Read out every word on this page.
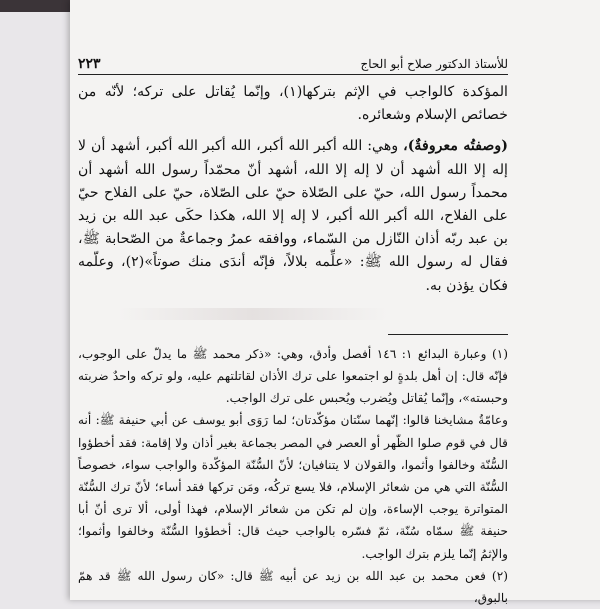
للأستاذ الدكتور صلاح أبو الحاج
٢٢٣

المؤكدة كالواجب في الإثم بتركها(١)، وإنّما يُقاتل على تركه؛ لأنّه من خصائص الإسلام وشعائره.

(وصفتُه معروفةٌ)، وهي: الله أكبر الله أكبر، الله أكبر الله أكبر، أشهد أن لا إله إلا الله أشهد أن لا إله إلا الله، أشهد أنّ محمّداً رسول الله أشهد أن محمداً رسول الله، حيّ على الصّلاة حيّ على الصّلاة، حيّ على الفلاح حيّ على الفلاح، الله أكبر الله أكبر، لا إله إلا الله، هكذا حكَى عبد الله بن زيد بن عبد ربّه أذان النّازل من السّماء، ووافقه عمرُ وجماعةٌ من الصّحابة ﷺ، فقال له رسول الله ﷺ: «علِّمه بلالاً، فإنّه أندَى منك صوتاً»(٢)، وعلّمه فكان يؤذن به.

(١) وعبارة البدائع ١: ١٤٦ أفصل وأدق، وهي: «ذكر محمد ﷺ ما يدلّ على الوجوب، فإنّه قال: إن أهل بلدةٍ لو اجتمعوا على ترك الأذان لقاتلتهم عليه، ولو تركه واحدٌ ضربته وحبسته»، وإنّما يُقاتل ويُضرب ويُحبس على ترك الواجب.

وعامّةُ مشايخنا قالوا: إنّهما سنّتان مؤكّدتان؛ لما رَوَى أبو يوسف عن أبي حنيفة ﷺ: أنه قال في قوم صلوا الظّهر أو العصر في المصر بجماعة بغير أذان ولا إقامة: فقد أخطؤوا السُّنّة وخالفوا وأثموا، والقولان لا يتنافيان؛ لأنّ السُّنّة المؤكّدة والواجب سواء، خصوصاً السُّنّة التي هي من شعائر الإسلام، فلا يسع تركُه، ومَن تركها فقد أساء؛ لأنّ ترك السُّنّة المتواترة يوجب الإساءة، وإن لم تكن من شعائر الإسلام، فهذا أولى، ألا ترى أنّ أبا حنيفة ﷺ سمّاه سُنّة، ثمّ فسّره بالواجب حيث قال: أخطؤوا السُّنّة وخالفوا وأثموا؛ والإثمُ إنّما يلزم بترك الواجب.

(٢) فعن محمد بن عبد الله بن زيد عن أبيه ﷺ قال: «كان رسول الله ﷺ قد همّ بالبوق،
